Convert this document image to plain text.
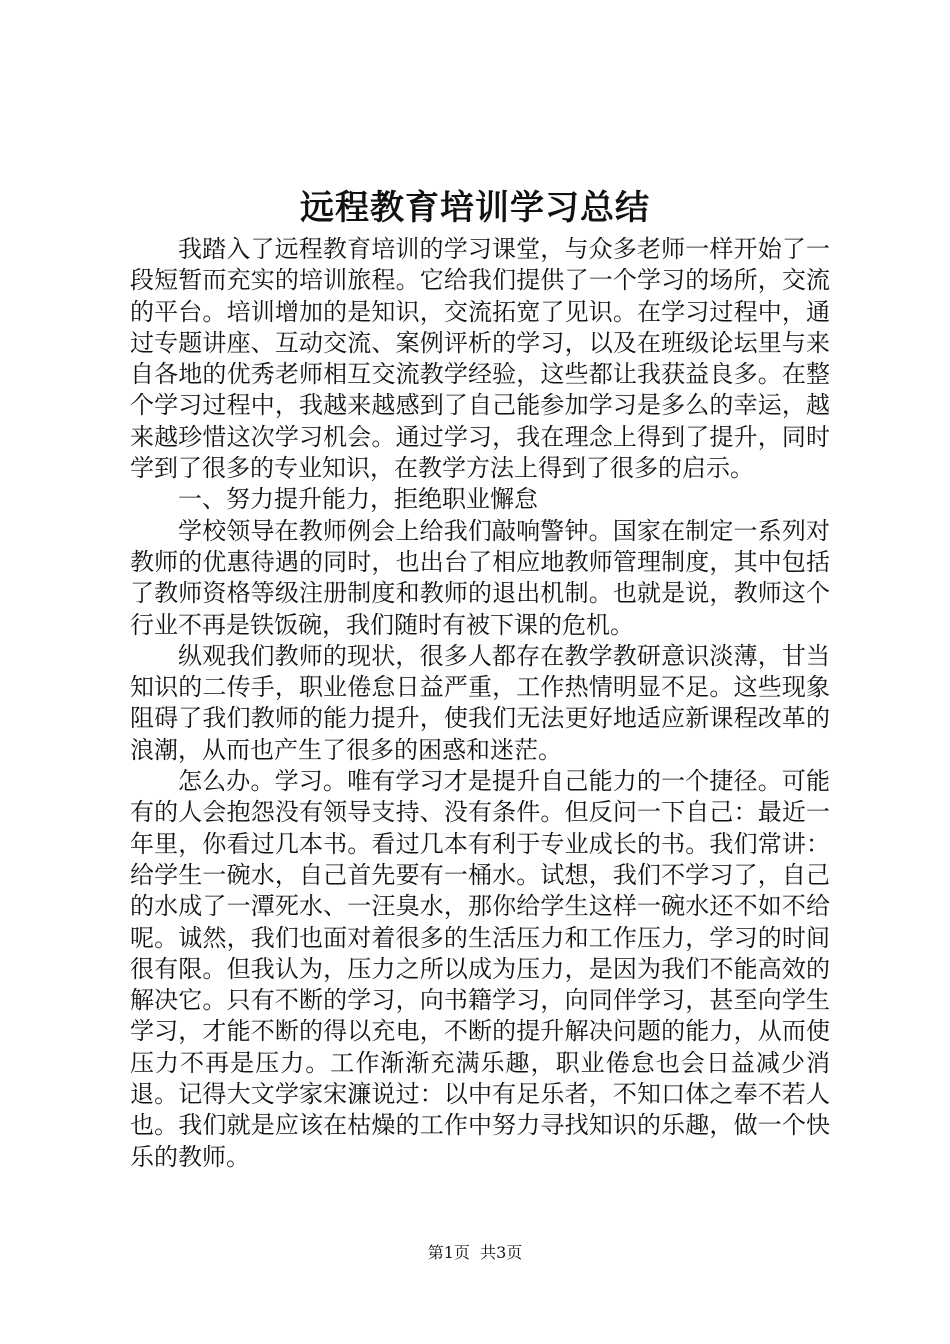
远程教育培训学习总结

我踏入了远程教育培训的学习课堂，与众多老师一样开始了一段短暂而充实的培训旅程。它给我们提供了一个学习的场所，交流的平台。培训增加的是知识，交流拓宽了见识。在学习过程中，通过专题讲座、互动交流、案例评析的学习，以及在班级论坛里与来自各地的优秀老师相互交流教学经验，这些都让我获益良多。在整个学习过程中，我越来越感到了自己能参加学习是多么的幸运，越来越珍惜这次学习机会。通过学习，我在理念上得到了提升，同时学到了很多的专业知识，在教学方法上得到了很多的启示。

一、努力提升能力，拒绝职业懈怠

学校领导在教师例会上给我们敲响警钟。国家在制定一系列对教师的优惠待遇的同时，也出台了相应地教师管理制度，其中包括了教师资格等级注册制度和教师的退出机制。也就是说，教师这个行业不再是铁饭碗，我们随时有被下课的危机。

纵观我们教师的现状，很多人都存在教学教研意识淡薄，甘当知识的二传手，职业倦怠日益严重，工作热情明显不足。这些现象阻碍了我们教师的能力提升，使我们无法更好地适应新课程改革的浪潮，从而也产生了很多的困惑和迷茫。

怎么办。学习。唯有学习才是提升自己能力的一个捷径。可能有的人会抱怨没有领导支持、没有条件。但反问一下自己：最近一年里，你看过几本书。看过几本有利于专业成长的书。我们常讲：给学生一碗水，自己首先要有一桶水。试想，我们不学习了，自己的水成了一潭死水、一汪臭水，那你给学生这样一碗水还不如不给呢。诚然，我们也面对着很多的生活压力和工作压力，学习的时间很有限。但我认为，压力之所以成为压力，是因为我们不能高效的解决它。只有不断的学习，向书籍学习，向同伴学习，甚至向学生学习，才能不断的得以充电，不断的提升解决问题的能力，从而使压力不再是压力。工作渐渐充满乐趣，职业倦怠也会日益减少消退。记得大文学家宋濂说过：以中有足乐者，不知口体之奉不若人也。我们就是应该在枯燥的工作中努力寻找知识的乐趣，做一个快乐的教师。

第1页 共3页
